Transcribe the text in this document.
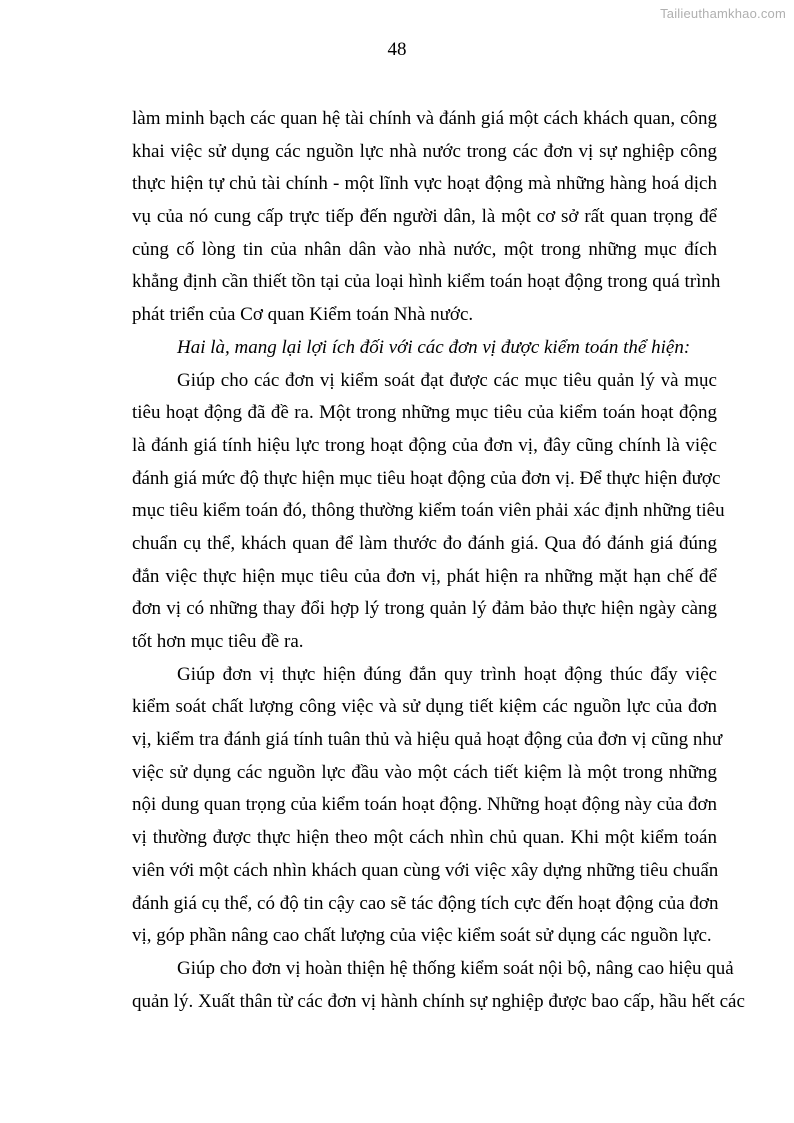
Tailieuthamkhao.com
48
làm minh bạch các quan hệ tài chính và đánh giá một cách khách quan, công
khai việc sử dụng các nguồn lực nhà nước trong các đơn vị sự nghiệp công
thực hiện tự chủ tài chính - một lĩnh vực hoạt động mà những hàng hoá dịch
vụ của nó cung cấp trực tiếp đến người dân, là một cơ sở rất quan trọng để
củng cố lòng tin của nhân dân vào nhà nước, một trong những mục đích
khẳng định cần thiết tồn tại của loại hình kiểm toán hoạt động trong quá trình
phát triển của Cơ quan Kiểm toán Nhà nước.
Hai là, mang lại lợi ích đối với các đơn vị được kiểm toán thể hiện:
Giúp cho các đơn vị kiểm soát đạt được các mục tiêu quản lý và mục
tiêu hoạt động đã đề ra. Một trong những mục tiêu của kiểm toán hoạt động
là đánh giá tính hiệu lực trong hoạt động của đơn vị, đây cũng chính là việc
đánh giá mức độ thực hiện mục tiêu hoạt động của đơn vị. Để thực hiện được
mục tiêu kiểm toán đó, thông thường kiểm toán viên phải xác định những tiêu
chuẩn cụ thể, khách quan để làm thước đo đánh giá. Qua đó đánh giá đúng
đắn việc thực hiện mục tiêu của đơn vị, phát hiện ra những mặt hạn chế để
đơn vị có những thay đổi hợp lý trong quản lý đảm bảo thực hiện ngày càng
tốt hơn mục tiêu đề ra.
Giúp đơn vị thực hiện đúng đắn quy trình hoạt động thúc đẩy việc
kiểm soát chất lượng công việc và sử dụng tiết kiệm các nguồn lực của đơn
vị, kiểm tra đánh giá tính tuân thủ và hiệu quả hoạt động của đơn vị cũng như
việc sử dụng các nguồn lực đầu vào một cách tiết kiệm là một trong những
nội dung quan trọng của kiểm toán hoạt động. Những hoạt động này của đơn
vị thường được thực hiện theo một cách nhìn chủ quan. Khi một kiểm toán
viên với một cách nhìn khách quan cùng với việc xây dựng những tiêu chuẩn
đánh giá cụ thể, có độ tin cậy cao sẽ tác động tích cực đến hoạt động của đơn
vị, góp phần nâng cao chất lượng của việc kiểm soát sử dụng các nguồn lực.
Giúp cho đơn vị hoàn thiện hệ thống kiểm soát nội bộ, nâng cao hiệu quả
quản lý. Xuất thân từ các đơn vị hành chính sự nghiệp được bao cấp, hầu hết các
